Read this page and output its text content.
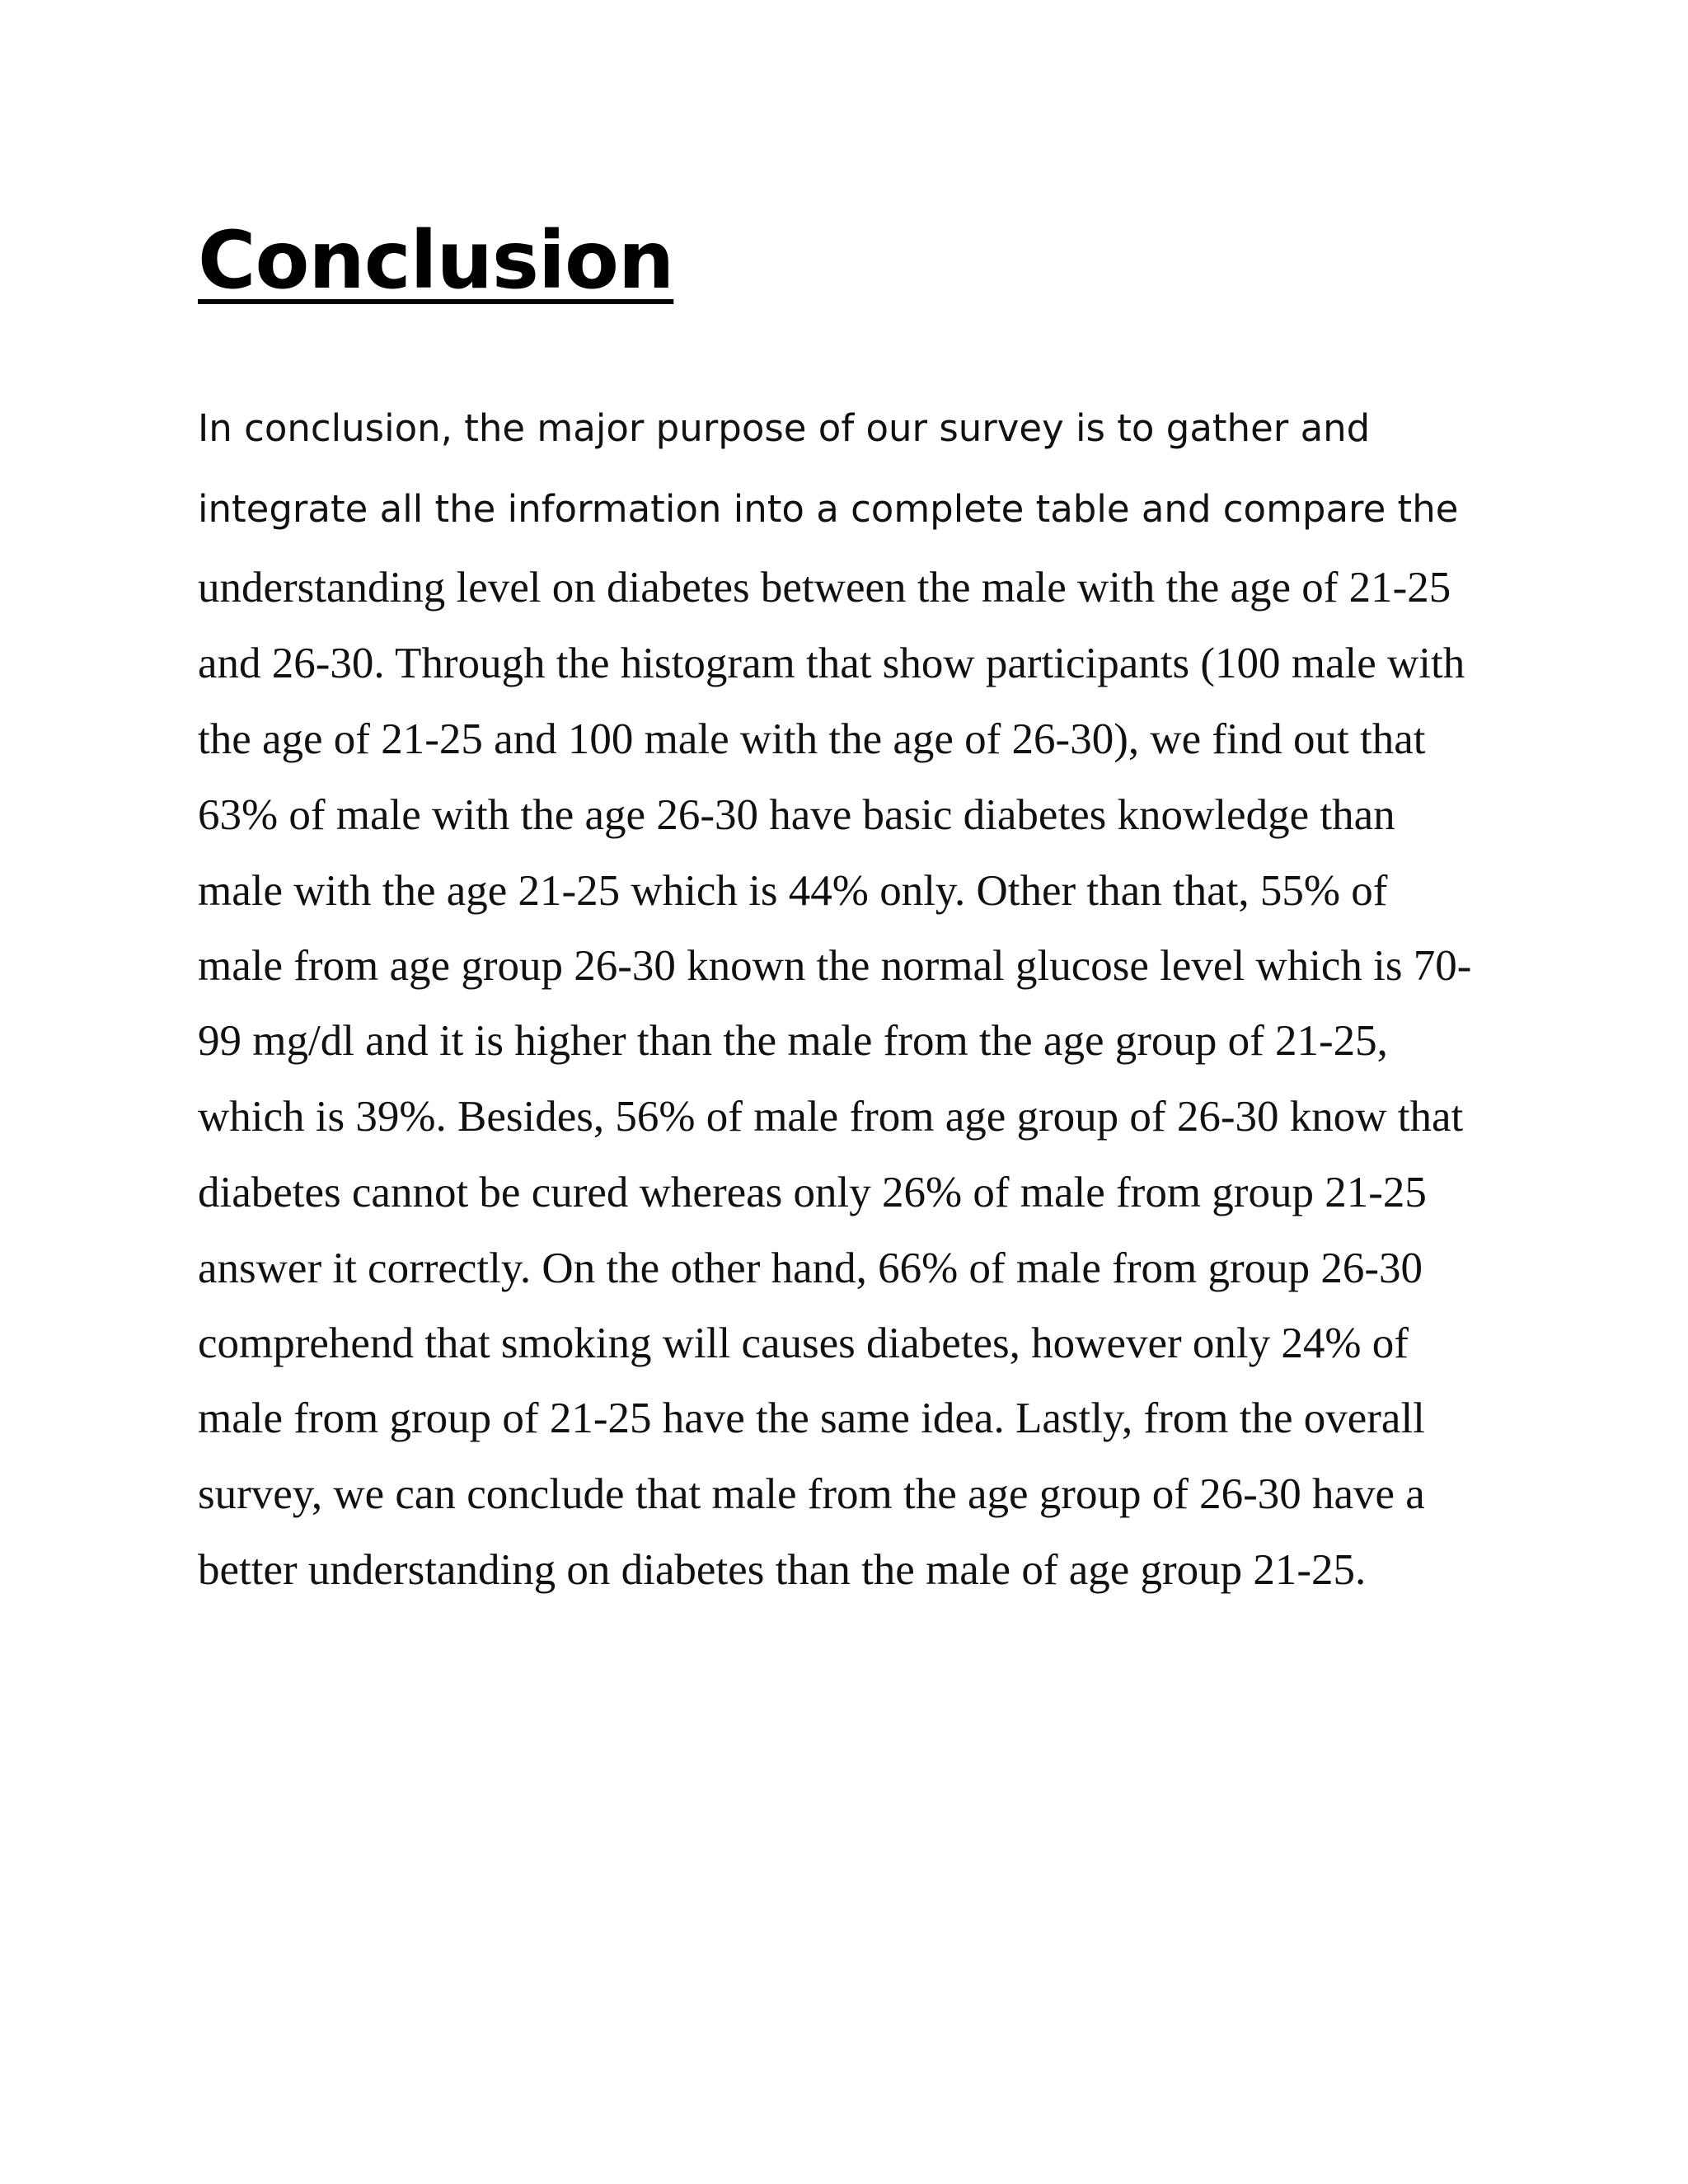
Conclusion
In conclusion, the major purpose of our survey is to gather and
integrate all the information into a complete table and compare the
understanding level on diabetes between the male with the age of 21-25
and 26-30. Through the histogram that show participants (100 male with
the age of 21-25 and 100 male with the age of 26-30), we find out that
63% of male with the age 26-30 have basic diabetes knowledge than
male with the age 21-25 which is 44% only. Other than that, 55% of
male from age group 26-30 known the normal glucose level which is 70-
99 mg/dl and it is higher than the male from the age group of 21-25,
which is 39%. Besides, 56% of male from age group of 26-30 know that
diabetes cannot be cured whereas only 26% of male from group 21-25
answer it correctly. On the other hand, 66% of male from group 26-30
comprehend that smoking will causes diabetes, however only 24% of
male from group of 21-25 have the same idea. Lastly, from the overall
survey, we can conclude that male from the age group of 26-30 have a
better understanding on diabetes than the male of age group 21-25.
